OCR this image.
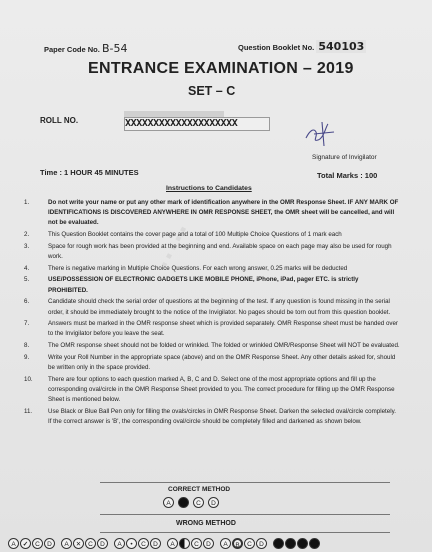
Paper Code No. B-54	Question Booklet No. 540103
ENTRANCE EXAMINATION – 2019
SET – C
ROLL NO.	XXXXXXXXXXXXXXXXXXXX
Signature of Invigilator
Time : 1 HOUR 45 MINUTES	Total Marks : 100
·····
Instructions to Candidates
1.	Do not write your name or put any other mark of identification anywhere in the OMR Response Sheet. IF ANY MARK OF IDENTIFICATIONS IS DISCOVERED ANYWHERE IN OMR RESPONSE SHEET, the OMR sheet will be cancelled, and will not be evaluated.
2.	This Question Booklet contains the cover page and a total of 100 Multiple Choice Questions of 1 mark each
3.	Space for rough work has been provided at the beginning and end. Available space on each page may also be used for rough work.
4.	There is negative marking in Multiple Choice Questions. For each wrong answer, 0.25 marks will be deducted
5.	USE/POSSESSION OF ELECTRONIC GADGETS LIKE MOBILE PHONE, iPhone, iPad, pager ETC. is strictly PROHIBITED.
6.	Candidate should check the serial order of questions at the beginning of the test. If any question is found missing in the serial order, it should be immediately brought to the notice of the Invigilator. No pages should be torn out from this question booklet.
7.	Answers must be marked in the OMR response sheet which is provided separately. OMR Response sheet must be handed over to the Invigilator before you leave the seat.
8.	The OMR response sheet should not be folded or wrinkled. The folded or wrinkled OMR/Response Sheet will NOT be evaluated.
9.	Write your Roll Number in the appropriate space (above) and on the OMR Response Sheet. Any other details asked for, should be written only in the space provided.
10.	There are four options to each question marked A, B, C and D. Select one of the most appropriate options and fill up the corresponding oval/circle in the OMR Response Sheet provided to you. The correct procedure for filling up the OMR Response Sheet is mentioned below.
11.	Use Black or Blue Ball Pen only for filling the ovals/circles in OMR Response Sheet. Darken the selected oval/circle completely. If the correct answer is 'B', the corresponding oval/circle should be completely filled and darkened as shown below.
CORRECT METHOD
A	B	C	D
WRONG METHOD
A	✓	C	D	A	✕	C	D	A	•	C	D	A	C	D	A	B	C	D
